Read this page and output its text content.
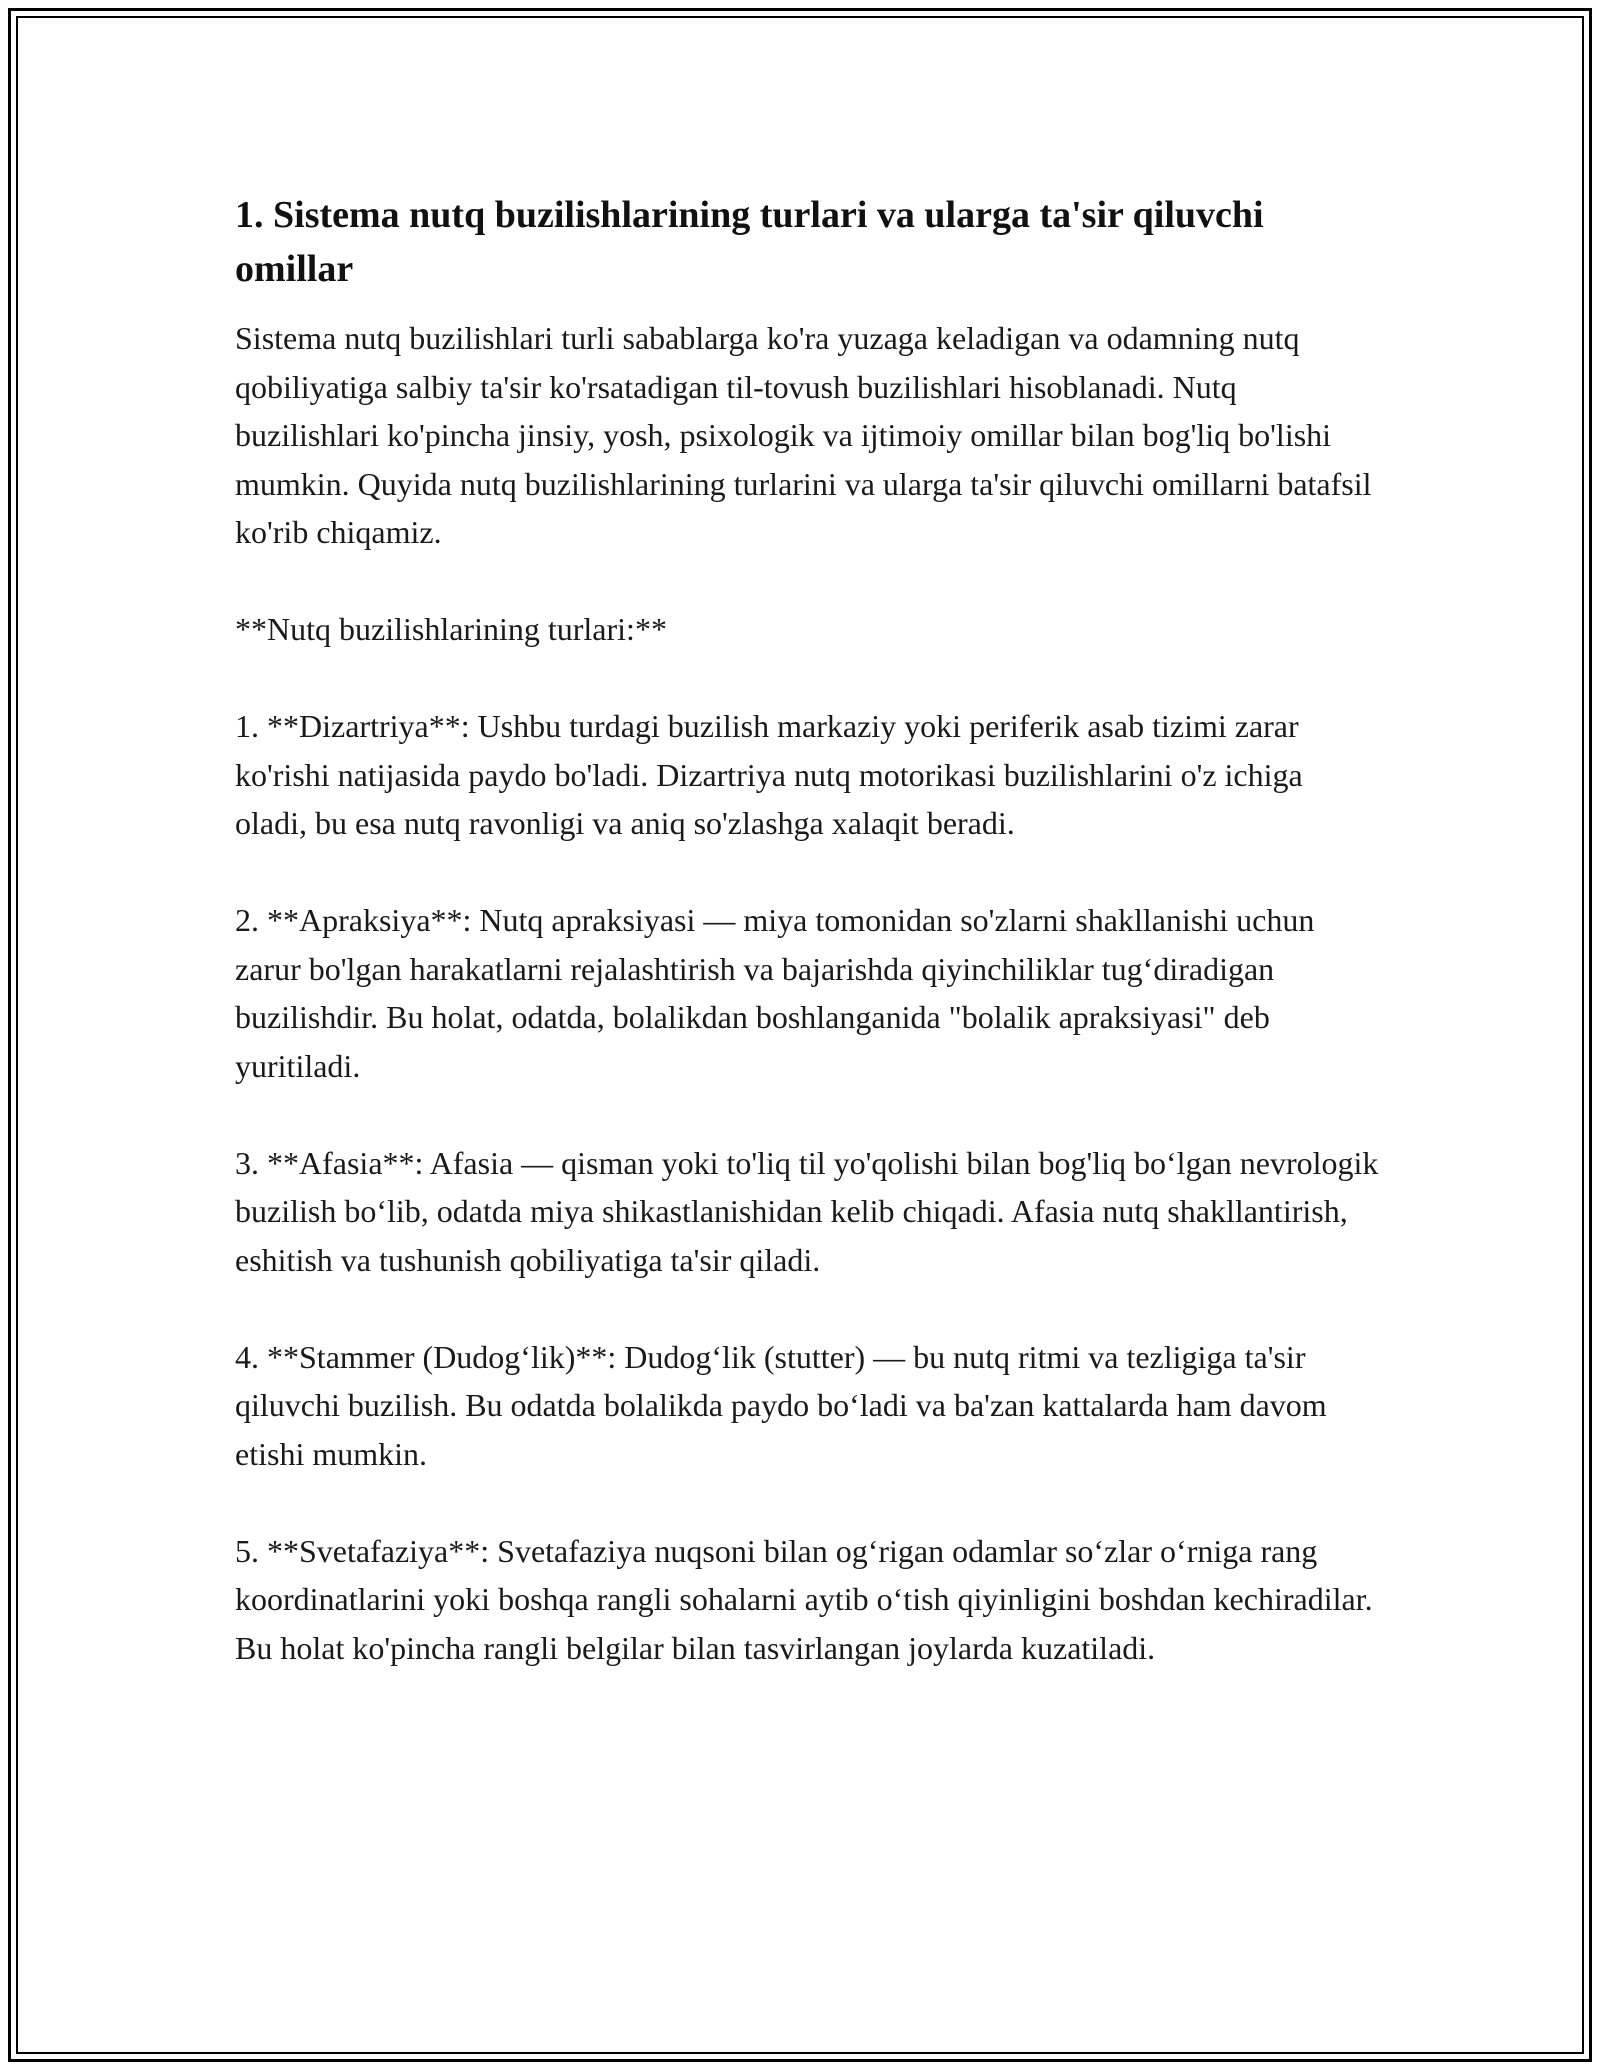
1. Sistema nutq buzilishlarining turlari va ularga ta'sir qiluvchi omillar

Sistema nutq buzilishlari turli sabablarga ko'ra yuzaga keladigan va odamning nutq qobiliyatiga salbiy ta'sir ko'rsatadigan til-tovush buzilishlari hisoblanadi. Nutq buzilishlari ko'pincha jinsiy, yosh, psixologik va ijtimoiy omillar bilan bog'liq bo'lishi mumkin. Quyida nutq buzilishlarining turlarini va ularga ta'sir qiluvchi omillarni batafsil ko'rib chiqamiz.

**Nutq buzilishlarining turlari:**

1. **Dizartriya**: Ushbu turdagi buzilish markaziy yoki periferik asab tizimi zarar ko'rishi natijasida paydo bo'ladi. Dizartriya nutq motorikasi buzilishlarini o'z ichiga oladi, bu esa nutq ravonligi va aniq so'zlashga xalaqit beradi.

2. **Apraksiya**: Nutq apraksiyasi — miya tomonidan so'zlarni shakllanishi uchun zarur bo'lgan harakatlarni rejalashtirish va bajarishda qiyinchiliklar tug‘diradigan buzilishdir. Bu holat, odatda, bolalikdan boshlanganida "bolalik apraksiyasi" deb yuritiladi.

3. **Afasia**: Afasia — qisman yoki to'liq til yo'qolishi bilan bog'liq bo‘lgan nevrologik buzilish bo‘lib, odatda miya shikastlanishidan kelib chiqadi. Afasia nutq shakllantirish, eshitish va tushunish qobiliyatiga ta'sir qiladi.

4. **Stammer (Dudog‘lik)**: Dudog‘lik (stutter) — bu nutq ritmi va tezligiga ta'sir qiluvchi buzilish. Bu odatda bolalikda paydo bo‘ladi va ba'zan kattalarda ham davom etishi mumkin.

5. **Svetafaziya**: Svetafaziya nuqsoni bilan og‘rigan odamlar so‘zlar o‘rniga rang koordinatlarini yoki boshqa rangli sohalarni aytib o‘tish qiyinligini boshdan kechiradilar. Bu holat ko'pincha rangli belgilar bilan tasvirlangan joylarda kuzatiladi.
